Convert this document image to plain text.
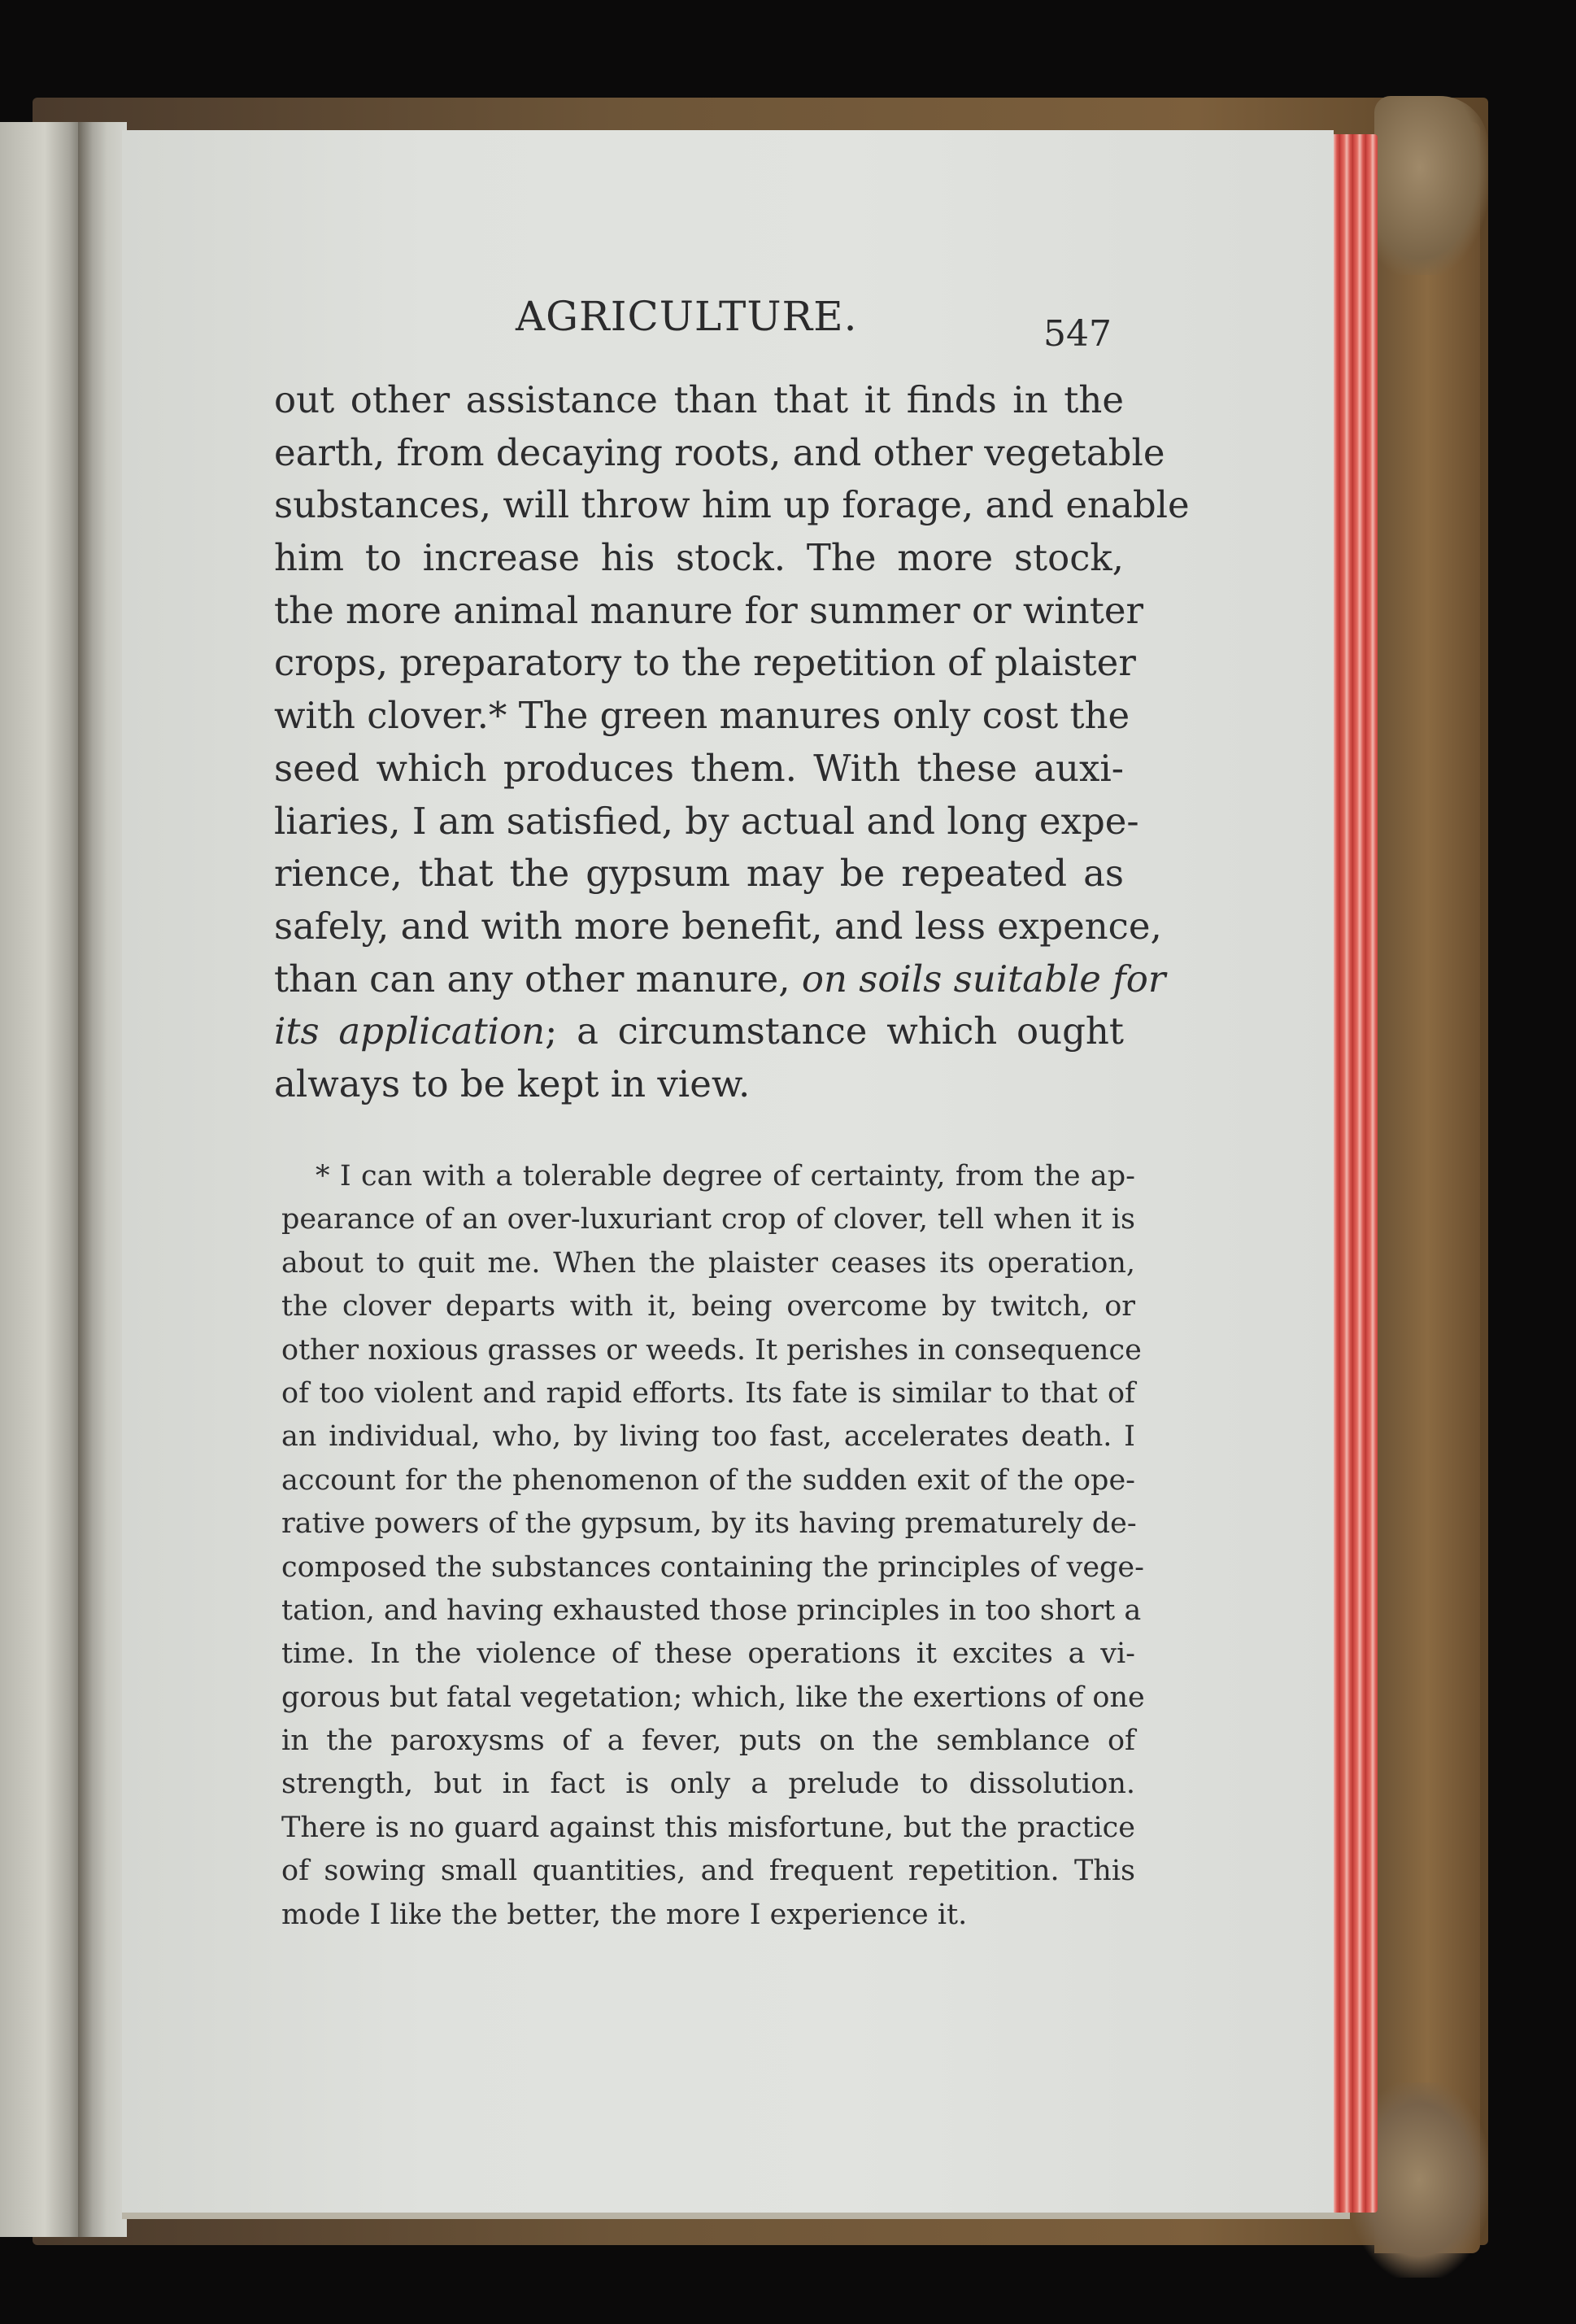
AGRICULTURE.	547
out other assistance than that it finds in the
earth, from decaying roots, and other vegetable
substances, will throw him up forage, and enable
him to increase his stock. The more stock,
the more animal manure for summer or winter
crops, preparatory to the repetition of plaister
with clover.* The green manures only cost the
seed which produces them. With these auxi-
liaries, I am satisfied, by actual and long expe-
rience, that the gypsum may be repeated as
safely, and with more benefit, and less expence,
than can any other manure, on soils suitable for
its application; a circumstance which ought
always to be kept in view.
* I can with a tolerable degree of certainty, from the ap-
pearance of an over-luxuriant crop of clover, tell when it is
about to quit me. When the plaister ceases its operation,
the clover departs with it, being overcome by twitch, or
other noxious grasses or weeds. It perishes in consequence
of too violent and rapid efforts. Its fate is similar to that of
an individual, who, by living too fast, accelerates death. I
account for the phenomenon of the sudden exit of the ope-
rative powers of the gypsum, by its having prematurely de-
composed the substances containing the principles of vege-
tation, and having exhausted those principles in too short a
time. In the violence of these operations it excites a vi-
gorous but fatal vegetation; which, like the exertions of one
in the paroxysms of a fever, puts on the semblance of
strength, but in fact is only a prelude to dissolution.
There is no guard against this misfortune, but the practice
of sowing small quantities, and frequent repetition. This
mode I like the better, the more I experience it.
